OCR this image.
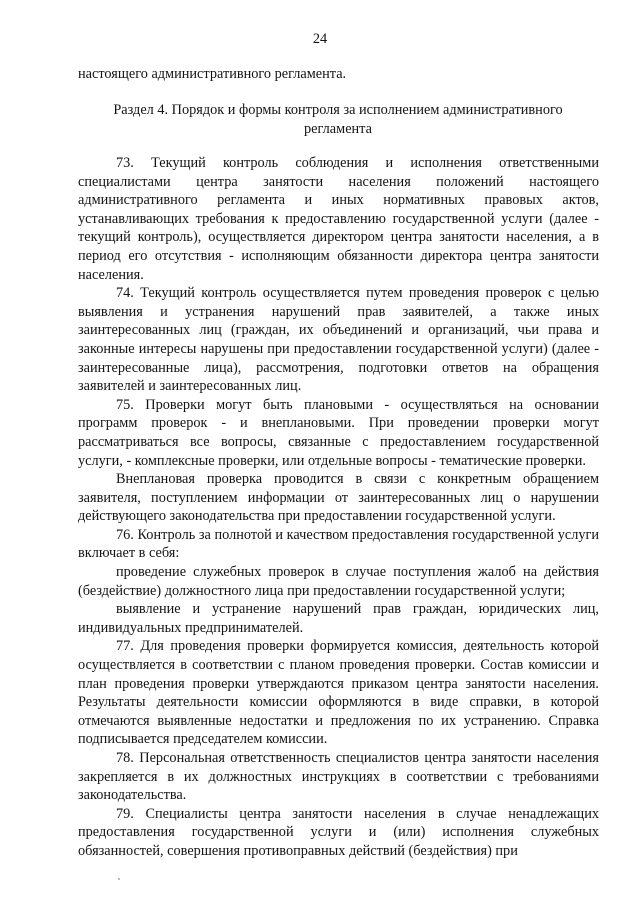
24
настоящего административного регламента.
Раздел 4. Порядок и формы контроля за исполнением административного
регламента

73. Текущий контроль соблюдения и исполнения ответственными специалистами центра занятости населения положений настоящего административного регламента и иных нормативных правовых актов, устанавливающих требования к предоставлению государственной услуги (далее - текущий контроль), осуществляется директором центра занятости населения, а в период его отсутствия - исполняющим обязанности директора центра занятости населения.

74. Текущий контроль осуществляется путем проведения проверок с целью выявления и устранения нарушений прав заявителей, а также иных заинтересованных лиц (граждан, их объединений и организаций, чьи права и законные интересы нарушены при предоставлении государственной услуги) (далее - заинтересованные лица), рассмотрения, подготовки ответов на обращения заявителей и заинтересованных лиц.

75. Проверки могут быть плановыми - осуществляться на основании программ проверок - и внеплановыми. При проведении проверки могут рассматриваться все вопросы, связанные с предоставлением государственной услуги, - комплексные проверки, или отдельные вопросы - тематические проверки.

Внеплановая проверка проводится в связи с конкретным обращением заявителя, поступлением информации от заинтересованных лиц о нарушении действующего законодательства при предоставлении государственной услуги.

76. Контроль за полнотой и качеством предоставления государственной услуги включает в себя:

проведение служебных проверок в случае поступления жалоб на действия (бездействие) должностного лица при предоставлении государственной услуги;

выявление и устранение нарушений прав граждан, юридических лиц, индивидуальных предпринимателей.

77. Для проведения проверки формируется комиссия, деятельность которой осуществляется в соответствии с планом проведения проверки. Состав комиссии и план проведения проверки утверждаются приказом центра занятости населения. Результаты деятельности комиссии оформляются в виде справки, в которой отмечаются выявленные недостатки и предложения по их устранению. Справка подписывается председателем комиссии.

78. Персональная ответственность специалистов центра занятости населения закрепляется в их должностных инструкциях в соответствии с требованиями законодательства.

79. Специалисты центра занятости населения в случае ненадлежащих предоставления государственной услуги и (или) исполнения служебных обязанностей, совершения противоправных действий (бездействия) при
